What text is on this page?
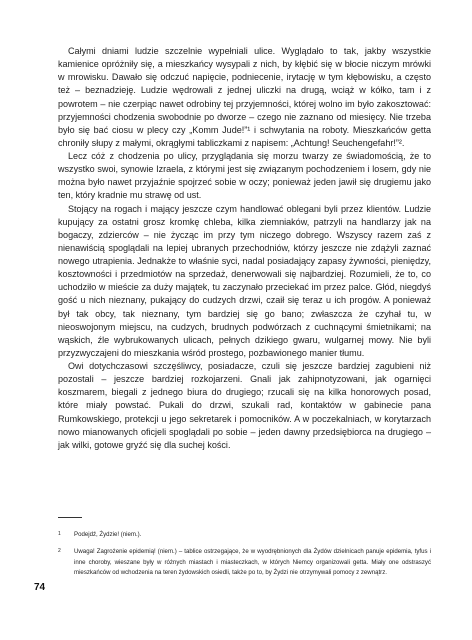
Całymi dniami ludzie szczelnie wypełniali ulice. Wyglądało to tak, jakby wszystkie kamienice opróżniły się, a mieszkańcy wysypali z nich, by kłębić się w błocie niczym mrówki w mrowisku. Dawało się odczuć napięcie, podniecenie, irytację w tym kłębowisku, a często też – beznadzieję. Ludzie wędrowali z jednej uliczki na drugą, wciąż w kółko, tam i z powrotem – nie czerpiąc nawet odrobiny tej przyjemności, której wolno im było zakosztować: przyjemności chodzenia swobodnie po dworze – czego nie zaznano od miesięcy. Nie trzeba było się bać ciosu w plecy czy „Komm Jude!”¹ i schwytania na roboty. Mieszkańców getta chroniły słupy z małymi, okrągłymi tabliczkami z napisem: „Achtung! Seuchengefahr!”².

Lecz cóż z chodzenia po ulicy, przyglądania się morzu twarzy ze świadomością, że to wszystko swoi, synowie Izraela, z którymi jest się związanym pochodzeniem i losem, gdy nie można było nawet przyjaźnie spojrzeć sobie w oczy; ponieważ jeden jawił się drugiemu jako ten, który kradnie mu strawę od ust.

Stojący na rogach i mający jeszcze czym handlować oblegani byli przez klientów. Ludzie kupujący za ostatni grosz kromkę chleba, kilka ziemniaków, patrzyli na handlarzy jak na bogaczy, zdzierców – nie życząc im przy tym niczego dobrego. Wszyscy razem zaś z nienawiścią spoglądali na lepiej ubranych przechodniów, którzy jeszcze nie zdążyli zaznać nowego utrapienia. Jednakże to właśnie syci, nadal posiadający zapasy żywności, pieniędzy, kosztowności i przedmiotów na sprzedaż, denerwowali się najbardziej. Rozumieli, że to, co uchodziło w mieście za duży majątek, tu zaczynało przeciekać im przez palce. Głód, niegdyś gość u nich nieznany, pukający do cudzych drzwi, czaił się teraz u ich progów. A ponieważ był tak obcy, tak nieznany, tym bardziej się go bano; zwłaszcza że czyhał tu, w nieoswojonym miejscu, na cudzych, brudnych podwórzach z cuchnącymi śmietnikami; na wąskich, źle wybrukowanych ulicach, pełnych dzikiego gwaru, wulgarnej mowy. Nie byli przyzwyczajeni do mieszkania wśród prostego, pozbawionego manier tłumu.

Owi dotychczasowi szczęśliwcy, posiadacze, czuli się jeszcze bardziej zagubieni niż pozostali – jeszcze bardziej rozkojarzeni. Gnali jak zahipnotyzowani, jak ogarnięci koszmarem, biegali z jednego biura do drugiego; rzucali się na kilka honorowych posad, które miały powstać. Pukali do drzwi, szukali rad, kontaktów w gabinecie pana Rumkowskiego, protekcji u jego sekretarek i pomocników. A w poczekalniach, w korytarzach nowo mianowanych oficjeli spoglądali po sobie – jeden dawny przedsiębiorca na drugiego – jak wilki, gotowe gryźć się dla suchej kości.

1 Podejdź, Żydzie! (niem.).
2 Uwaga! Zagrożenie epidemią! (niem.) – tablice ostrzegające, że w wyodrębnionych dla Żydów dzielnicach panuje epidemia, tyfus i inne choroby, wieszane były w różnych miastach i miasteczkach, w których Niemcy organizowali getta. Miały one odstraszyć mieszkańców od wchodzenia na teren żydowskich osiedli, także po to, by Żydzi nie otrzymywali pomocy z zewnątrz.
74
